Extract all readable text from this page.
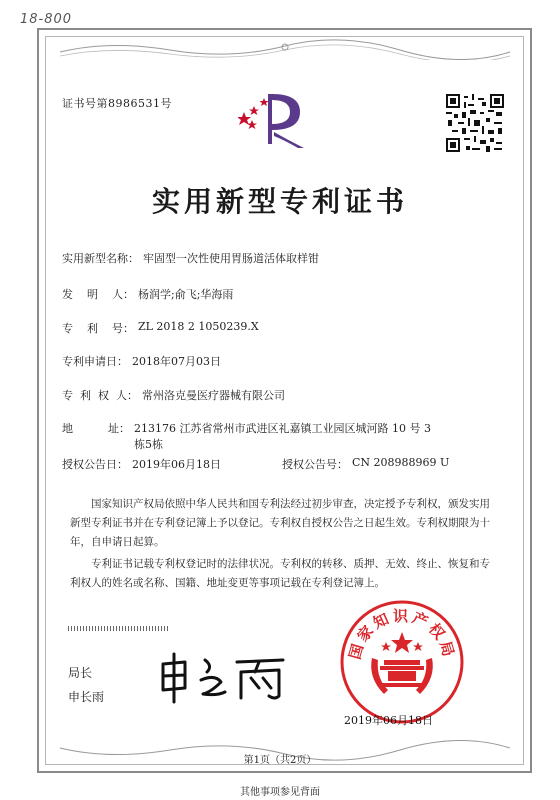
18-800
证书号第8986531号
实用新型专利证书
实用新型名称： 牢固型一次性使用胃肠道活体取样钳
发    明    人： 杨润学;俞飞;华海雨
专    利    号： ZL 2018 2 1050239.X
专利申请日： 2018年07月03日
专  利  权  人： 常州洛克曼医疗器械有限公司
地          址： 213176 江苏省常州市武进区礼嘉镇工业园区城河路 10 号 3
栋5栋
授权公告日： 2019年06月18日	授权公告号： CN 208988969 U
国家知识产权局依照中华人民共和国专利法经过初步审查，决定授予专利权，颁发实用新型专利证书并在专利登记簿上予以登记。专利权自授权公告之日起生效。专利权期限为十年，自申请日起算。
专利证书记载专利权登记时的法律状况。专利权的转移、质押、无效、终止、恢复和专利权人的姓名或名称、国籍、地址变更等事项记载在专利登记簿上。
局长
申长雨
国家知识产权局
2019年06月18日
第1页（共2页）
其他事项参见背面
